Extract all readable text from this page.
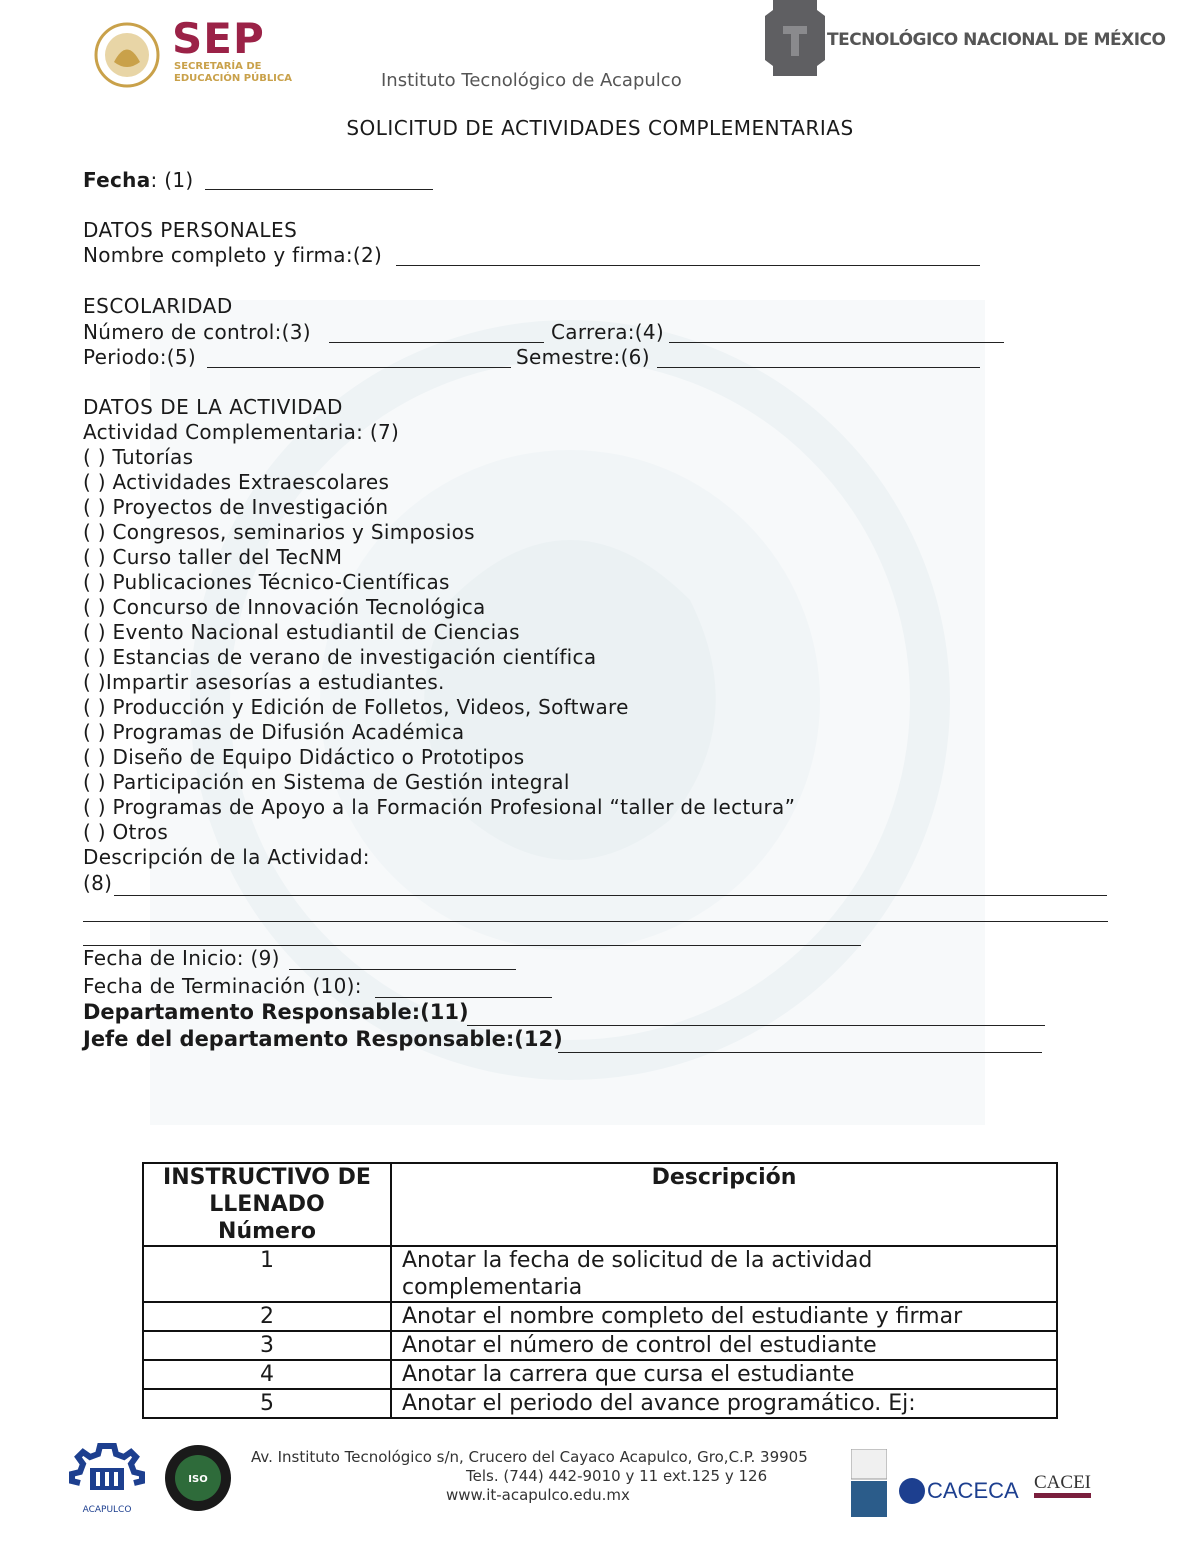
SEP
SECRETARÍA DE
EDUCACIÓN PÚBLICA	Instituto Tecnológico de Acapulco
TECNOLÓGICO NACIONAL DE MÉXICO
SOLICITUD DE ACTIVIDADES COMPLEMENTARIAS
Fecha: (1)
DATOS PERSONALES
Nombre completo y firma:(2)
ESCOLARIDAD
Número de control:(3)	Carrera:(4)
Periodo:(5)	Semestre:(6)
DATOS DE LA ACTIVIDAD
Actividad Complementaria: (7)
( ) Tutorías
( ) Actividades Extraescolares
( ) Proyectos de Investigación
( ) Congresos, seminarios y Simposios
( ) Curso taller del TecNM
( ) Publicaciones Técnico-Científicas
( ) Concurso de Innovación Tecnológica
( ) Evento Nacional estudiantil de Ciencias
( ) Estancias de verano de investigación científica
( )Impartir asesorías a estudiantes.
( ) Producción y Edición de Folletos, Videos, Software
( ) Programas de Difusión Académica
( ) Diseño de Equipo Didáctico o Prototipos
( ) Participación en Sistema de Gestión integral
( ) Programas de Apoyo a la Formación Profesional “taller de lectura”
( ) Otros
Descripción de la Actividad:
(8)
Fecha de Inicio: (9)
Fecha de Terminación (10):
Departamento Responsable:(11)
Jefe del departamento Responsable:(12)
INSTRUCTIVO DE
LLENADO
Número	Descripción
1	Anotar la fecha de solicitud de la actividad
complementaria

2	Anotar el nombre completo del estudiante y firmar
3	Anotar el número de control del estudiante
4	Anotar la carrera que cursa el estudiante
5	Anotar el periodo del avance programático. Ej:
ACAPULCO
ISO
Av. Instituto Tecnológico s/n, Crucero del Cayaco Acapulco, Gro,C.P. 39905
Tels. (744) 442-9010 y 11 ext.125 y 126
www.it-acapulco.edu.mx	CACECA CACEI
